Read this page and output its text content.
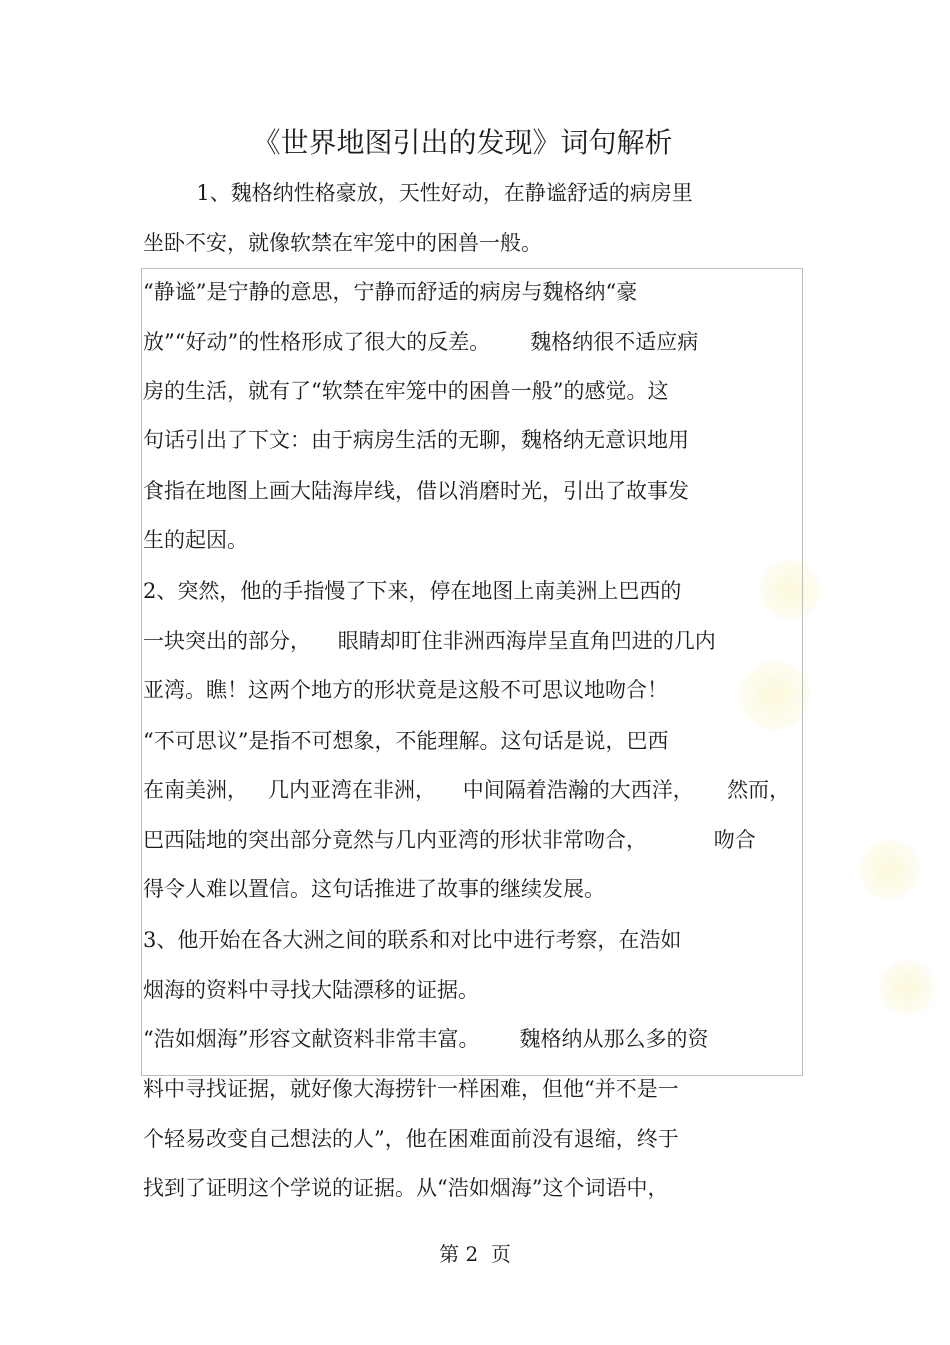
《世界地图引出的发现》词句解析
1、魏格纳性格豪放，天性好动，在静谧舒适的病房里
坐卧不安，就像软禁在牢笼中的困兽一般。
“静谧”是宁静的意思，宁静而舒适的病房与魏格纳“豪
放”“好动”的性格形成了很大的反差。      魏格纳很不适应病
房的生活，就有了“软禁在牢笼中的困兽一般”的感觉。这
句话引出了下文：由于病房生活的无聊，魏格纳无意识地用
食指在地图上画大陆海岸线，借以消磨时光，引出了故事发
生的起因。
2、突然，他的手指慢了下来，停在地图上南美洲上巴西的
一块突出的部分，    眼睛却盯住非洲西海岸呈直角凹进的几内
亚湾。瞧！这两个地方的形状竟是这般不可思议地吻合！
“不可思议”是指不可想象，不能理解。这句话是说，巴西
在南美洲，   几内亚湾在非洲，    中间隔着浩瀚的大西洋，     然而，
巴西陆地的突出部分竟然与几内亚湾的形状非常吻合，          吻合
得令人难以置信。这句话推进了故事的继续发展。
3、他开始在各大洲之间的联系和对比中进行考察，在浩如
烟海的资料中寻找大陆漂移的证据。
“浩如烟海”形容文献资料非常丰富。      魏格纳从那么多的资
料中寻找证据，就好像大海捞针一样困难，但他“并不是一
个轻易改变自己想法的人”，他在困难面前没有退缩，终于
找到了证明这个学说的证据。从“浩如烟海”这个词语中，
第 2  页
